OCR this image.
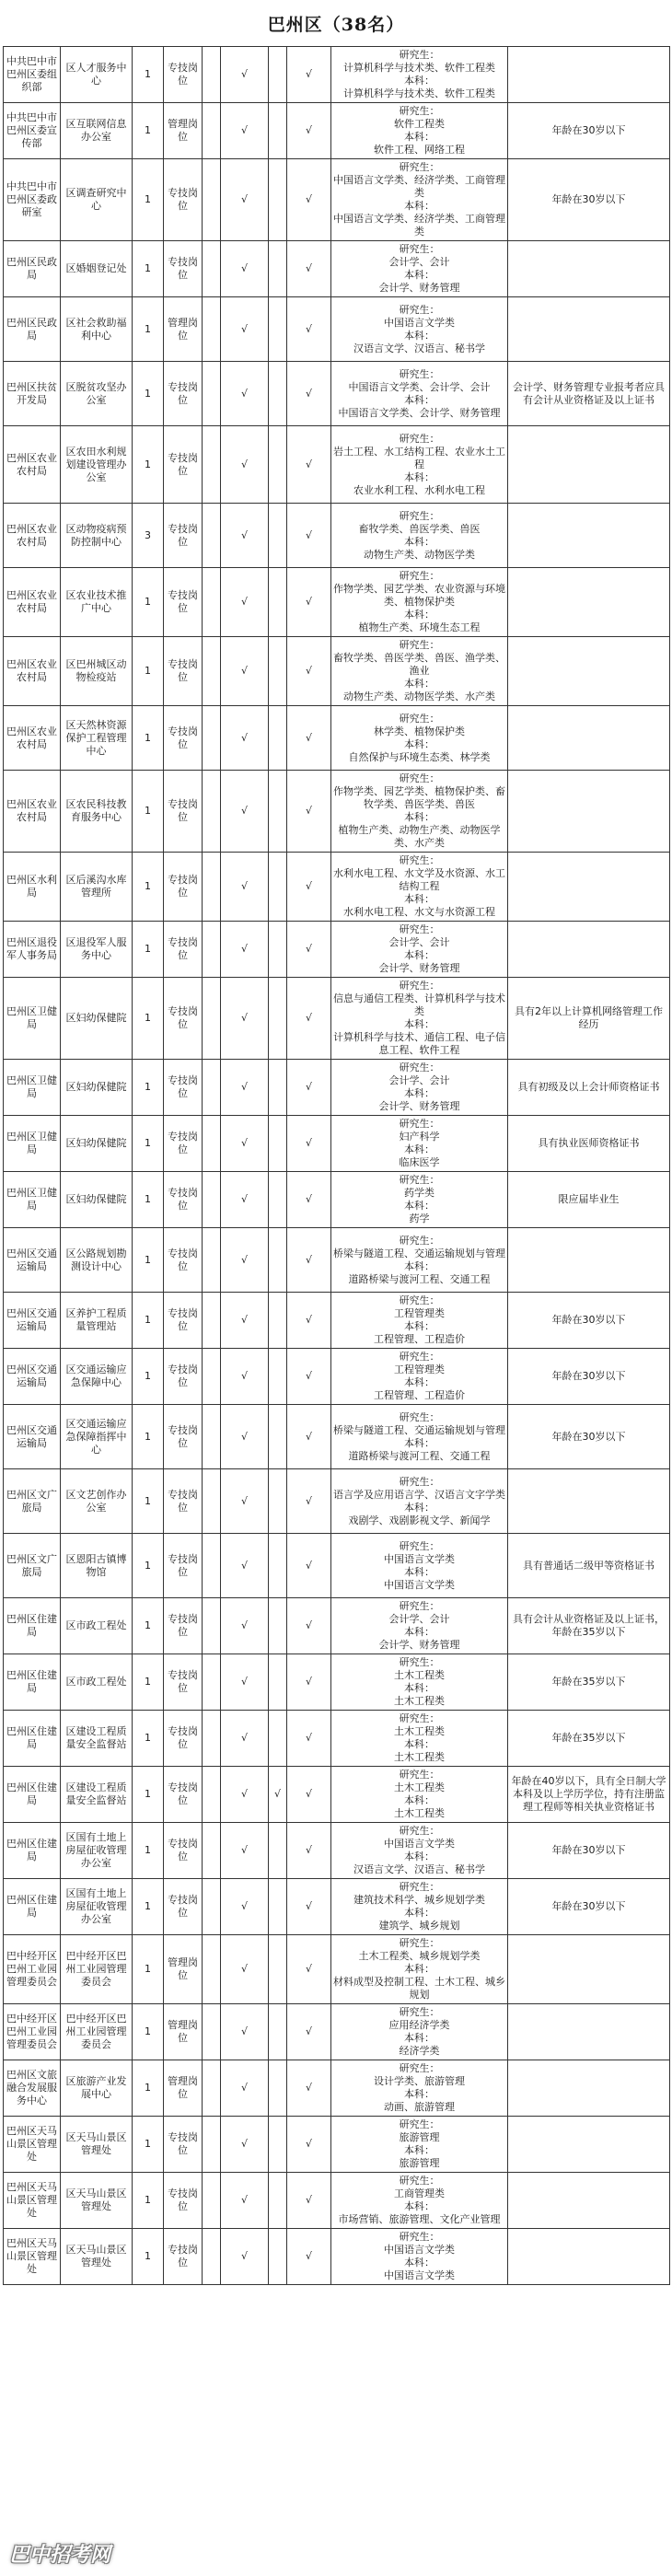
巴州区（38名）
中共巴中市巴州区委组织部	区人才服务中心	1	专技岗位		√		√	研究生：
计算机科学与技术类、软件工程类
本科：
计算机科学与技术类、软件工程类	
中共巴中市巴州区委宣传部	区互联网信息办公室	1	管理岗位		√		√	研究生：
软件工程类
本科：
软件工程、网络工程	年龄在30岁以下
中共巴中市巴州区委政研室	区调查研究中心	1	专技岗位		√		√	研究生：
中国语言文学类、经济学类、工商管理类
本科：
中国语言文学类、经济学类、工商管理类	年龄在30岁以下
巴州区民政局	区婚姻登记处	1	专技岗位		√		√	研究生：
会计学、会计
本科：
会计学、财务管理	
巴州区民政局	区社会救助福利中心	1	管理岗位		√		√	研究生：
中国语言文学类
本科：
汉语言文学、汉语言、秘书学	
巴州区扶贫开发局	区脱贫攻坚办公室	1	专技岗位		√		√	研究生：
中国语言文学类、会计学、会计
本科：
中国语言文学类、会计学、财务管理	会计学、财务管理专业报考者应具有会计从业资格证及以上证书
巴州区农业农村局	区农田水利规划建设管理办公室	1	专技岗位		√		√	研究生：
岩土工程、水工结构工程、农业水土工程
本科：
农业水利工程、水利水电工程	
巴州区农业农村局	区动物疫病预防控制中心	3	专技岗位		√		√	研究生：
畜牧学类、兽医学类、兽医
本科：
动物生产类、动物医学类	
巴州区农业农村局	区农业技术推广中心	1	专技岗位		√		√	研究生：
作物学类、园艺学类、农业资源与环境类、植物保护类
本科：
植物生产类、环境生态工程	
巴州区农业农村局	区巴州城区动物检疫站	1	专技岗位		√		√	研究生：
畜牧学类、兽医学类、兽医、渔学类、渔业
本科：
动物生产类、动物医学类、水产类	
巴州区农业农村局	区天然林资源保护工程管理中心	1	专技岗位		√		√	研究生：
林学类、植物保护类
本科：
自然保护与环境生态类、林学类	
巴州区农业农村局	区农民科技教育服务中心	1	专技岗位		√		√	研究生：
作物学类、园艺学类、植物保护类、畜牧学类、兽医学类、兽医
本科：
植物生产类、动物生产类、动物医学类、水产类	
巴州区水利局	区后溪沟水库管理所	1	专技岗位		√		√	研究生：
水利水电工程、水文学及水资源、水工结构工程
本科：
水利水电工程、水文与水资源工程	
巴州区退役军人事务局	区退役军人服务中心	1	专技岗位		√		√	研究生：
会计学、会计
本科：
会计学、财务管理	
巴州区卫健局	区妇幼保健院	1	专技岗位		√		√	研究生：
信息与通信工程类、计算机科学与技术类
本科：
计算机科学与技术、通信工程、电子信息工程、软件工程	具有2年以上计算机网络管理工作经历
巴州区卫健局	区妇幼保健院	1	专技岗位		√		√	研究生：
会计学、会计
本科：
会计学、财务管理	具有初级及以上会计师资格证书
巴州区卫健局	区妇幼保健院	1	专技岗位		√		√	研究生：
妇产科学
本科：
临床医学	具有执业医师资格证书
巴州区卫健局	区妇幼保健院	1	专技岗位		√		√	研究生：
药学类
本科：
药学	限应届毕业生
巴州区交通运输局	区公路规划勘测设计中心	1	专技岗位		√		√	研究生：
桥梁与隧道工程、交通运输规划与管理
本科：
道路桥梁与渡河工程、交通工程	
巴州区交通运输局	区养护工程质量管理站	1	专技岗位		√		√	研究生：
工程管理类
本科：
工程管理、工程造价	年龄在30岁以下
巴州区交通运输局	区交通运输应急保障中心	1	专技岗位		√		√	研究生：
工程管理类
本科：
工程管理、工程造价	年龄在30岁以下
巴州区交通运输局	区交通运输应急保障指挥中心	1	专技岗位		√		√	研究生：
桥梁与隧道工程、交通运输规划与管理
本科：
道路桥梁与渡河工程、交通工程	年龄在30岁以下
巴州区文广旅局	区文艺创作办公室	1	专技岗位		√		√	研究生：
语言学及应用语言学、汉语言文字学类
本科：
戏剧学、戏剧影视文学、新闻学	
巴州区文广旅局	区恩阳古镇博物馆	1	专技岗位		√		√	研究生：
中国语言文学类
本科：
中国语言文学类	具有普通话二级甲等资格证书
巴州区住建局	区市政工程处	1	专技岗位		√		√	研究生：
会计学、会计
本科：
会计学、财务管理	具有会计从业资格证及以上证书，年龄在35岁以下
巴州区住建局	区市政工程处	1	专技岗位		√		√	研究生：
土木工程类
本科：
土木工程类	年龄在35岁以下
巴州区住建局	区建设工程质量安全监督站	1	专技岗位		√		√	研究生：
土木工程类
本科：
土木工程类	年龄在35岁以下
巴州区住建局	区建设工程质量安全监督站	1	专技岗位		√	√	√	研究生：
土木工程类
本科：
土木工程类	年龄在40岁以下，具有全日制大学本科及以上学历学位，持有注册监理工程师等相关执业资格证书
巴州区住建局	区国有土地上房屋征收管理办公室	1	专技岗位		√		√	研究生：
中国语言文学类
本科：
汉语言文学、汉语言、秘书学	年龄在30岁以下
巴州区住建局	区国有土地上房屋征收管理办公室	1	专技岗位		√		√	研究生：
建筑技术科学、城乡规划学类
本科：
建筑学、城乡规划	年龄在30岁以下
巴中经开区巴州工业园管理委员会	巴中经开区巴州工业园管理委员会	1	管理岗位		√		√	研究生：
土木工程类、城乡规划学类
本科：
材料成型及控制工程、土木工程、城乡规划	
巴中经开区巴州工业园管理委员会	巴中经开区巴州工业园管理委员会	1	管理岗位		√		√	研究生：
应用经济学类
本科：
经济学类	
巴州区文旅融合发展服务中心	区旅游产业发展中心	1	管理岗位		√		√	研究生：
设计学类、旅游管理
本科：
动画、旅游管理	
巴州区天马山景区管理处	区天马山景区管理处	1	专技岗位		√		√	研究生：
旅游管理
本科：
旅游管理	
巴州区天马山景区管理处	区天马山景区管理处	1	专技岗位		√		√	研究生：
工商管理类
本科：
市场营销、旅游管理、文化产业管理	
巴州区天马山景区管理处	区天马山景区管理处	1	专技岗位		√		√	研究生：
中国语言文学类
本科：
中国语言文学类	
巴中招考网
